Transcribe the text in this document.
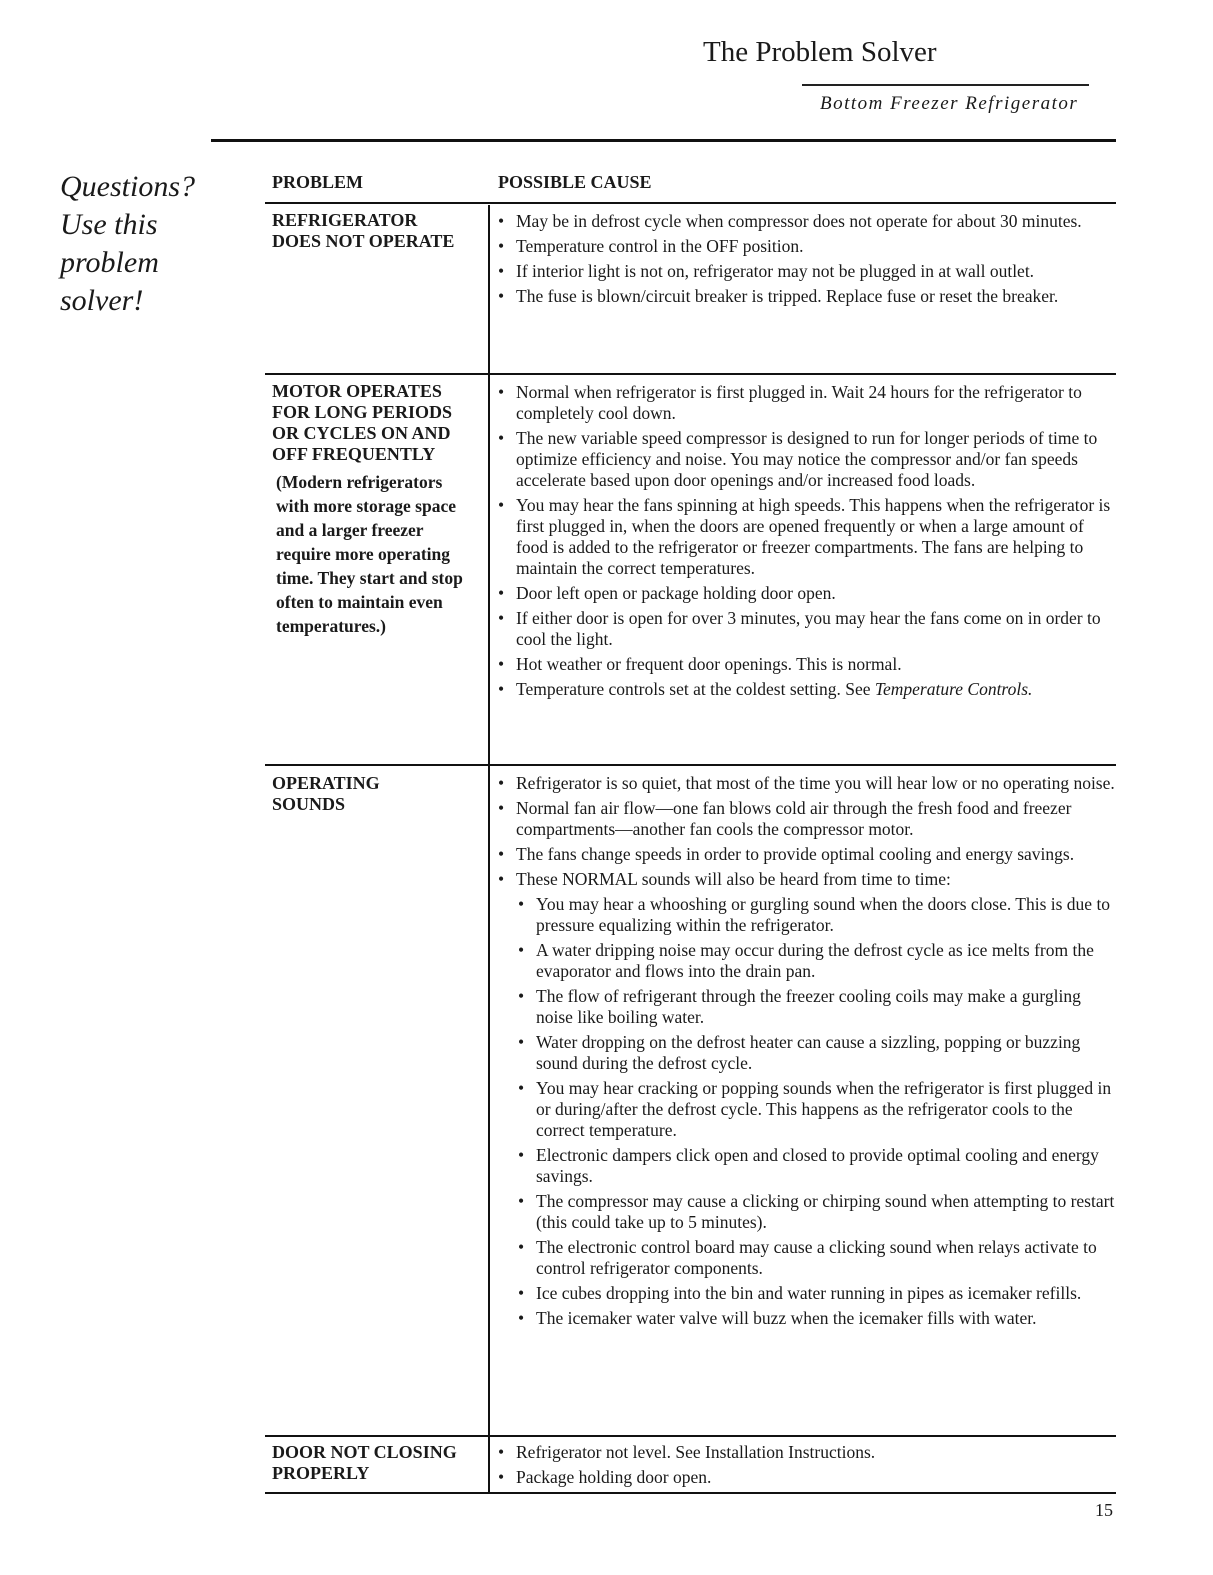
The Problem Solver
Bottom Freezer Refrigerator
Questions?
Use this
problem
solver!
PROBLEM	POSSIBLE CAUSE
REFRIGERATOR
DOES NOT OPERATE
• May be in defrost cycle when compressor does not operate for about 30 minutes.
• Temperature control in the OFF position.
• If interior light is not on, refrigerator may not be plugged in at wall outlet.
• The fuse is blown/circuit breaker is tripped. Replace fuse or reset the breaker.
MOTOR OPERATES
FOR LONG PERIODS
OR CYCLES ON AND
OFF FREQUENTLY
(Modern refrigerators with more storage space and a larger freezer require more operating time. They start and stop often to maintain even temperatures.)
• Normal when refrigerator is first plugged in. Wait 24 hours for the refrigerator to completely cool down.
• The new variable speed compressor is designed to run for longer periods of time to optimize efficiency and noise. You may notice the compressor and/or fan speeds accelerate based upon door openings and/or increased food loads.
• You may hear the fans spinning at high speeds. This happens when the refrigerator is first plugged in, when the doors are opened frequently or when a large amount of food is added to the refrigerator or freezer compartments. The fans are helping to maintain the correct temperatures.
• Door left open or package holding door open.
• If either door is open for over 3 minutes, you may hear the fans come on in order to cool the light.
• Hot weather or frequent door openings. This is normal.
• Temperature controls set at the coldest setting. See Temperature Controls.
OPERATING
SOUNDS
• Refrigerator is so quiet, that most of the time you will hear low or no operating noise.
• Normal fan air flow—one fan blows cold air through the fresh food and freezer compartments—another fan cools the compressor motor.
• The fans change speeds in order to provide optimal cooling and energy savings.
• These NORMAL sounds will also be heard from time to time:
• You may hear a whooshing or gurgling sound when the doors close. This is due to pressure equalizing within the refrigerator.
• A water dripping noise may occur during the defrost cycle as ice melts from the evaporator and flows into the drain pan.
• The flow of refrigerant through the freezer cooling coils may make a gurgling noise like boiling water.
• Water dropping on the defrost heater can cause a sizzling, popping or buzzing sound during the defrost cycle.
• You may hear cracking or popping sounds when the refrigerator is first plugged in or during/after the defrost cycle. This happens as the refrigerator cools to the correct temperature.
• Electronic dampers click open and closed to provide optimal cooling and energy savings.
• The compressor may cause a clicking or chirping sound when attempting to restart (this could take up to 5 minutes).
• The electronic control board may cause a clicking sound when relays activate to control refrigerator components.
• Ice cubes dropping into the bin and water running in pipes as icemaker refills.
• The icemaker water valve will buzz when the icemaker fills with water.
DOOR NOT CLOSING
PROPERLY
• Refrigerator not level. See Installation Instructions.
• Package holding door open.
15
